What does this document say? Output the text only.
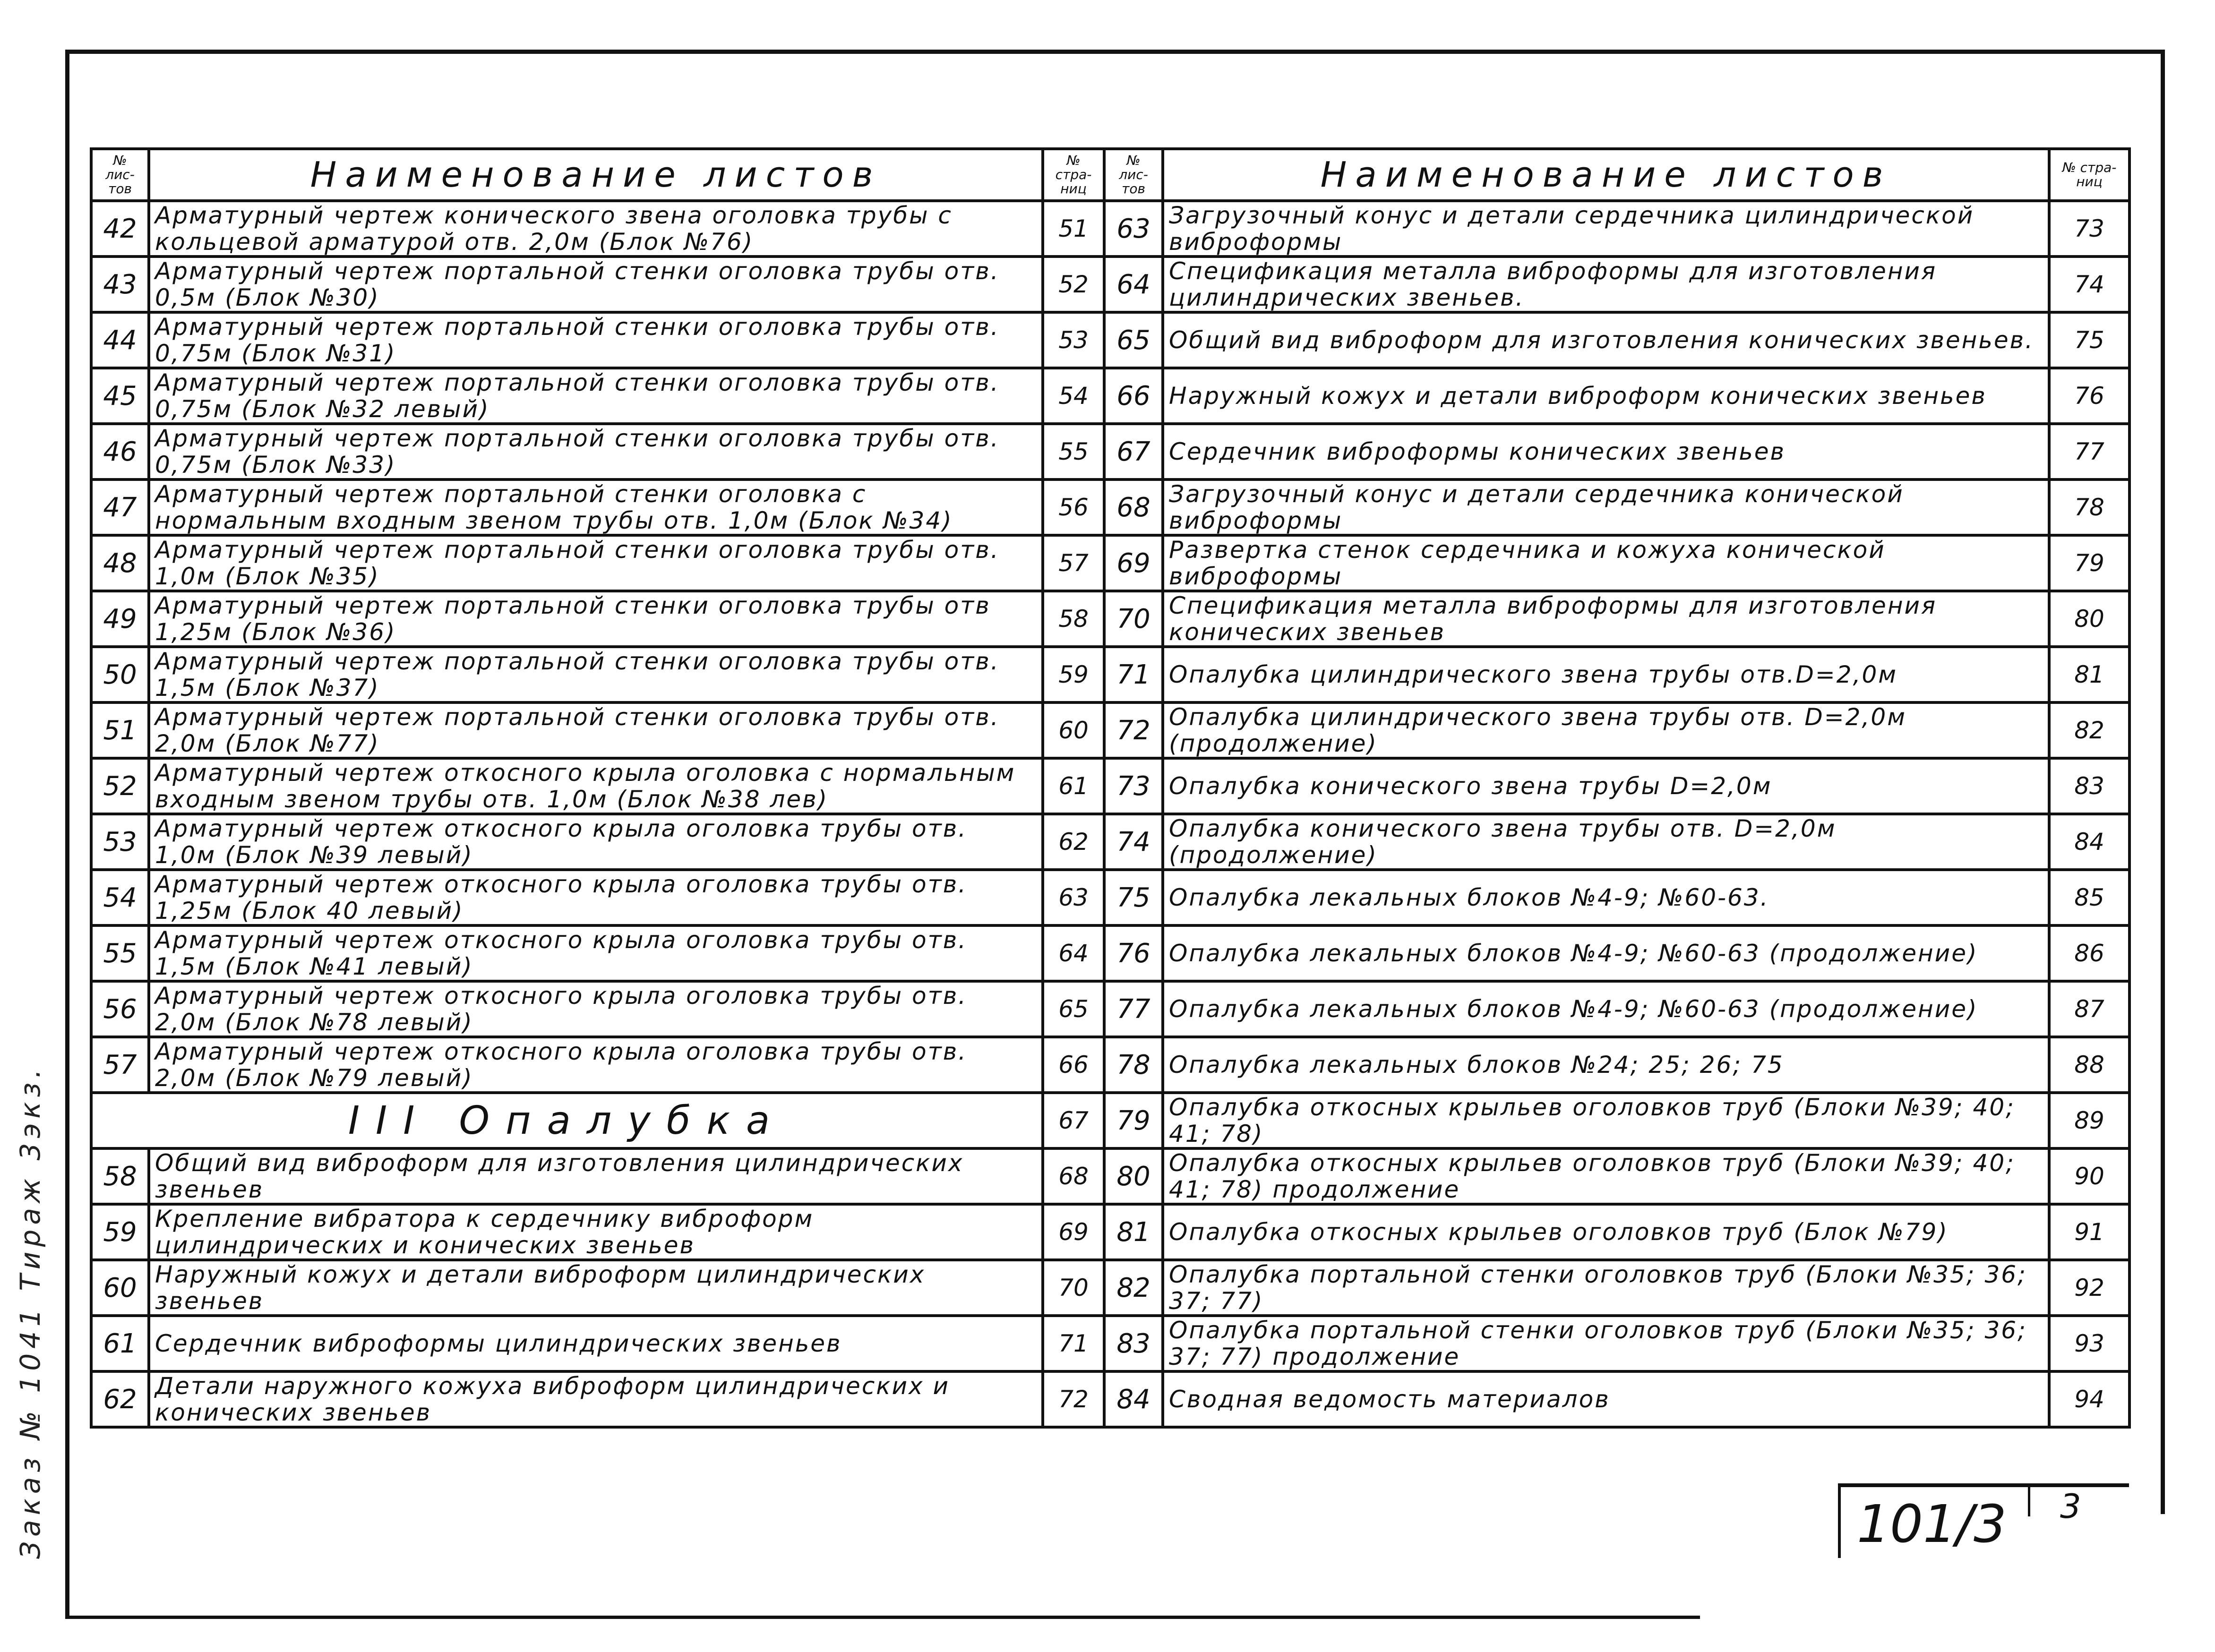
Заказ № 1041 Тираж 3экз.
№ лис- тов	Наименование листов	№ стра- ниц	№ лис- тов	Наименование листов	№ стра- ниц
42	Арматурный чертеж конического звена оголовка трубы с кольцевой арматурой отв. 2,0м (Блок №76)	51	63	Загрузочный конус и детали сердечника цилиндрической виброформы	73
43	Арматурный чертеж портальной стенки оголовка трубы отв. 0,5м (Блок №30)	52	64	Спецификация металла виброформы для изготовления цилиндрических звеньев.	74
44	Арматурный чертеж портальной стенки оголовка трубы отв. 0,75м (Блок №31)	53	65	Общий вид виброформ для изготовления конических звеньев.	75
45	Арматурный чертеж портальной стенки оголовка трубы отв. 0,75м (Блок №32 левый)	54	66	Наружный кожух и детали виброформ конических звеньев	76
46	Арматурный чертеж портальной стенки оголовка трубы отв. 0,75м (Блок №33)	55	67	Сердечник виброформы конических звеньев	77
47	Арматурный чертеж портальной стенки оголовка с нормальным входным звеном трубы отв. 1,0м (Блок №34)	56	68	Загрузочный конус и детали сердечника конической виброформы	78
48	Арматурный чертеж портальной стенки оголовка трубы отв. 1,0м (Блок №35)	57	69	Развертка стенок сердечника и кожуха конической виброформы	79
49	Арматурный чертеж портальной стенки оголовка трубы отв 1,25м (Блок №36)	58	70	Спецификация металла виброформы для изготовления конических звеньев	80
50	Арматурный чертеж портальной стенки оголовка трубы отв. 1,5м (Блок №37)	59	71	Опалубка цилиндрического звена трубы отв.D=2,0м	81
51	Арматурный чертеж портальной стенки оголовка трубы отв. 2,0м (Блок №77)	60	72	Опалубка цилиндрического звена трубы отв. D=2,0м (продолжение)	82
52	Арматурный чертеж откосного крыла оголовка с нормальным входным звеном трубы отв. 1,0м (Блок №38 лев)	61	73	Опалубка конического звена трубы D=2,0м	83
53	Арматурный чертеж откосного крыла оголовка трубы отв. 1,0м (Блок №39 левый)	62	74	Опалубка конического звена трубы отв. D=2,0м (продолжение)	84
54	Арматурный чертеж откосного крыла оголовка трубы отв. 1,25м (Блок 40 левый)	63	75	Опалубка лекальных блоков №4-9; №60-63.	85
55	Арматурный чертеж откосного крыла оголовка трубы отв. 1,5м (Блок №41 левый)	64	76	Опалубка лекальных блоков №4-9; №60-63 (продолжение)	86
56	Арматурный чертеж откосного крыла оголовка трубы отв. 2,0м (Блок №78 левый)	65	77	Опалубка лекальных блоков №4-9; №60-63 (продолжение)	87
57	Арматурный чертеж откосного крыла оголовка трубы отв. 2,0м (Блок №79 левый)	66	78	Опалубка лекальных блоков №24; 25; 26; 75	88
III Опалубка		67	79	Опалубка откосных крыльев оголовков труб (Блоки №39; 40; 41; 78)	89
58	Общий вид виброформ для изготовления цилиндрических звеньев	68	80	Опалубка откосных крыльев оголовков труб (Блоки №39; 40; 41; 78) продолжение	90
59	Крепление вибратора к сердечнику виброформ цилиндрических и конических звеньев	69	81	Опалубка откосных крыльев оголовков труб (Блок №79)	91
60	Наружный кожух и детали виброформ цилиндрических звеньев	70	82	Опалубка портальной стенки оголовков труб (Блоки №35; 36; 37; 77)	92
61	Сердечник виброформы цилиндрических звеньев	71	83	Опалубка портальной стенки оголовков труб (Блоки №35; 36; 37; 77) продолжение	93
62	Детали наружного кожуха виброформ цилиндрических и конических звеньев	72	84	Сводная ведомость материалов	94
101/3 3
